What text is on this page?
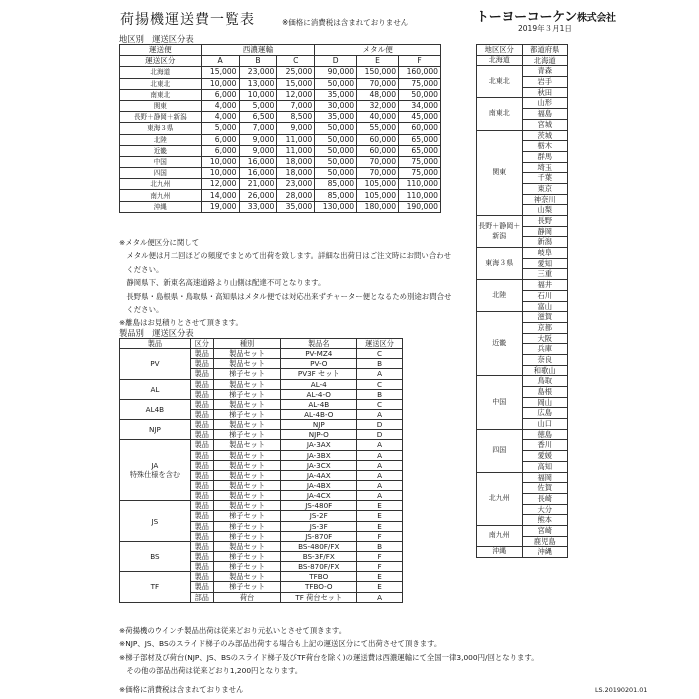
荷揚機運送費一覧表	※価格に消費税は含まれておりません	トーヨーコーケン株式会社
2019年３月1日
地区別　運送区分表
運送便	西濃運輸			メタル便		
運送区分	A	B	C	D	E	F
北海道	15,000	23,000	25,000	90,000	150,000	160,000
北東北	10,000	13,000	15,000	50,000	70,000	75,000
南東北	6,000	10,000	12,000	35,000	48,000	50,000
関東	4,000	5,000	7,000	30,000	32,000	34,000
長野＋静岡＋新潟	4,000	6,500	8,500	35,000	40,000	45,000
東海３県	5,000	7,000	9,000	50,000	55,000	60,000
北陸	6,000	9,000	11,000	50,000	60,000	65,000
近畿	6,000	9,000	11,000	50,000	60,000	65,000
中国	10,000	16,000	18,000	50,000	70,000	75,000
四国	10,000	16,000	18,000	50,000	70,000	75,000
北九州	12,000	21,000	23,000	85,000	105,000	110,000
南九州	14,000	26,000	28,000	85,000	105,000	110,000
沖縄	19,000	33,000	35,000	130,000	180,000	190,000

※メタル便区分に関して

　メタル便は月二回ほどの頻度でまとめて出荷を致します。詳細な出荷日はご注文時にお問い合わせ

　ください。

　静岡県下、新東名高速道路より山側は配達不可となります。

　長野県・島根県・鳥取県・高知県はメタル便では対応出来ずチャーター便となるため別途お問合せ

　ください。

※離島はお見積りとさせて頂きます。

製品別　運送区分表
製品	区分	種別	製品名	運送区分

PV	製品	製品セット	PV-MZ4	C
	製品	製品セット	PV-O	B
	製品	梯子セット	PV3F セット	A

AL	製品	製品セット	AL-4	C
	製品	梯子セット	AL-4-O	B

AL4B	製品	製品セット	AL-4B	C
	製品	梯子セット	AL-4B-O	A

NJP	製品	製品セット	NJP	D
	製品	梯子セット	NJP-O	D

JA
特殊仕様を含む	製品	製品セット	JA-3AX	A
	製品	製品セット	JA-3BX	A
	製品	製品セット	JA-3CX	A
	製品	製品セット	JA-4AX	A
	製品	製品セット	JA-4BX	A
	製品	製品セット	JA-4CX	A

JS	製品	製品セット	JS-480F	E
	製品	梯子セット	JS-2F	E
	製品	梯子セット	JS-3F	E
	製品	梯子セット	JS-870F	F

BS	製品	製品セット	BS-480F/FX	B
	製品	梯子セット	BS-3F/FX	F
	製品	梯子セット	BS-870F/FX	F

TF	製品	製品セット	TFBO	E
	製品	梯子セット	TFBO-O	E
	部品	荷台	TF 荷台セット	A

※荷揚機のウインチ製品出荷は従来どおり元払いとさせて頂きます。

※NJP、JS、BSのスライド梯子のみ部品出荷する場合も上記の運送区分にて出荷させて頂きます。

※梯子部材及び荷台(NJP、JS、BSのスライド梯子及びTF荷台を除く)の運送費は西濃運輸にて全国一律3,000円/回となります。

　その他の部品出荷は従来どおり1,200円となります。

※価格に消費税は含まれておりません	LS.20190201.01
地区区分	都道府県
北海道	北海道
北東北	青森
	岩手
	秋田
南東北	山形
	福島
	宮城
関東	茨城
	栃木
	群馬
	埼玉
	千葉
	東京
	神奈川
	山梨
長野＋静岡＋新潟	長野
	静岡
	新潟
東海３県	岐阜
	愛知
	三重
北陸	福井
	石川
	富山
近畿	滋賀
	京都
	大阪
	兵庫
	奈良
	和歌山
中国	鳥取
	島根
	岡山
	広島
	山口
四国	徳島
	香川
	愛媛
	高知
北九州	福岡
	佐賀
	長崎
	大分
	熊本
南九州	宮崎
	鹿児島
沖縄	沖縄
